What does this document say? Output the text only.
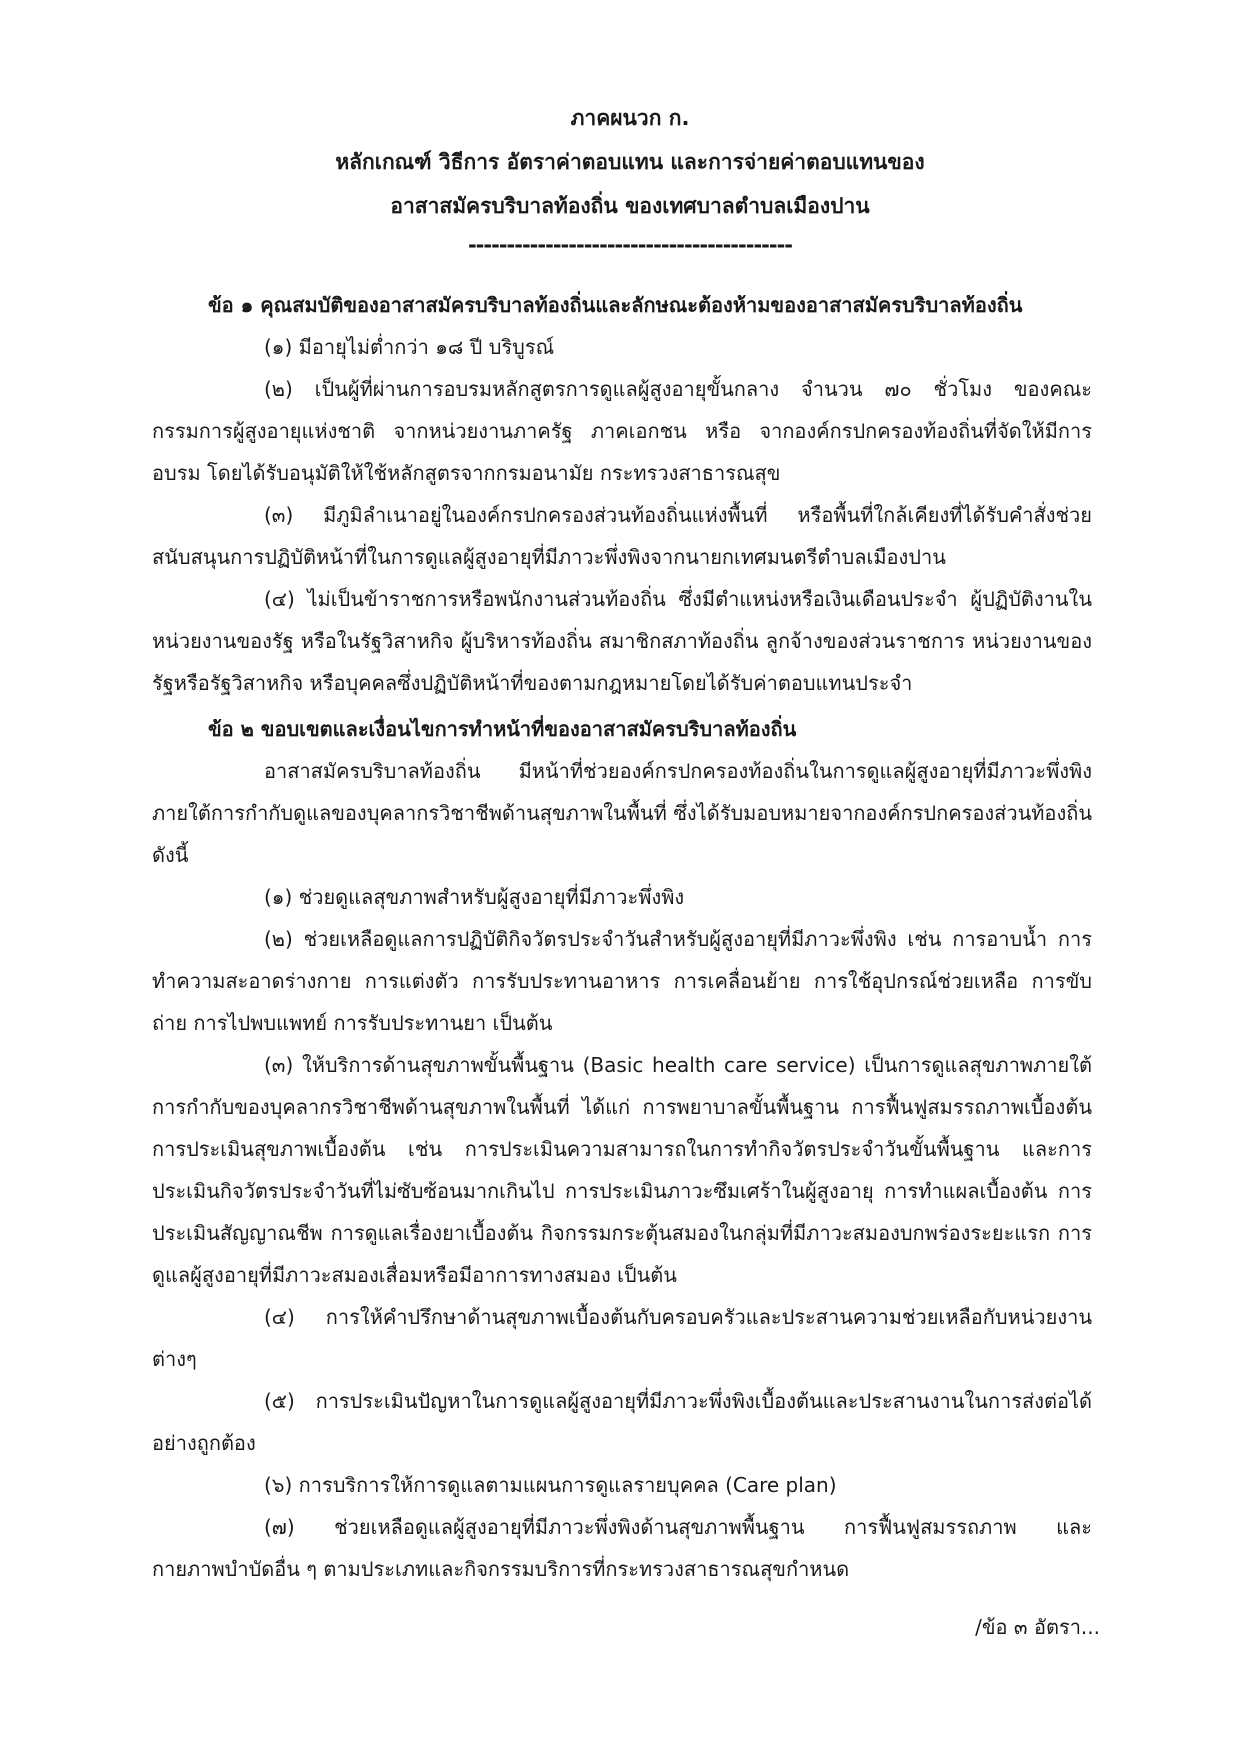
ภาคผนวก ก.
หลักเกณฑ์ วิธีการ อัตราค่าตอบแทน และการจ่ายค่าตอบแทนของ
อาสาสมัครบริบาลท้องถิ่น ของเทศบาลตำบลเมืองปาน
------------------------------------------
ข้อ ๑ คุณสมบัติของอาสาสมัครบริบาลท้องถิ่นและลักษณะต้องห้ามของอาสาสมัครบริบาลท้องถิ่น

(๑) มีอายุไม่ต่ำกว่า ๑๘ ปี บริบูรณ์

(๒) เป็นผู้ที่ผ่านการอบรมหลักสูตรการดูแลผู้สูงอายุขั้นกลาง จำนวน ๗๐ ชั่วโมง ของคณะกรรมการผู้สูงอายุแห่งชาติ จากหน่วยงานภาครัฐ ภาคเอกชน หรือ จากองค์กรปกครองท้องถิ่นที่จัดให้มีการอบรม โดยได้รับอนุมัติให้ใช้หลักสูตรจากกรมอนามัย กระทรวงสาธารณสุข

(๓) มีภูมิลำเนาอยู่ในองค์กรปกครองส่วนท้องถิ่นแห่งพื้นที่ หรือพื้นที่ใกล้เคียงที่ได้รับคำสั่งช่วยสนับสนุนการปฏิบัติหน้าที่ในการดูแลผู้สูงอายุที่มีภาวะพึ่งพิงจากนายกเทศมนตรีตำบลเมืองปาน

(๔) ไม่เป็นข้าราชการหรือพนักงานส่วนท้องถิ่น ซึ่งมีตำแหน่งหรือเงินเดือนประจำ ผู้ปฏิบัติงานในหน่วยงานของรัฐ หรือในรัฐวิสาหกิจ ผู้บริหารท้องถิ่น สมาชิกสภาท้องถิ่น ลูกจ้างของส่วนราชการ หน่วยงานของรัฐหรือรัฐวิสาหกิจ หรือบุคคลซึ่งปฏิบัติหน้าที่ของตามกฎหมายโดยได้รับค่าตอบแทนประจำ

ข้อ ๒ ขอบเขตและเงื่อนไขการทำหน้าที่ของอาสาสมัครบริบาลท้องถิ่น

อาสาสมัครบริบาลท้องถิ่น มีหน้าที่ช่วยองค์กรปกครองท้องถิ่นในการดูแลผู้สูงอายุที่มีภาวะพึ่งพิง ภายใต้การกำกับดูแลของบุคลากรวิชาชีพด้านสุขภาพในพื้นที่ ซึ่งได้รับมอบหมายจากองค์กรปกครองส่วนท้องถิ่น ดังนี้

(๑) ช่วยดูแลสุขภาพสำหรับผู้สูงอายุที่มีภาวะพึ่งพิง

(๒) ช่วยเหลือดูแลการปฏิบัติกิจวัตรประจำวันสำหรับผู้สูงอายุที่มีภาวะพึ่งพิง เช่น การอาบน้ำ การทำความสะอาดร่างกาย การแต่งตัว การรับประทานอาหาร การเคลื่อนย้าย การใช้อุปกรณ์ช่วยเหลือ การขับถ่าย การไปพบแพทย์ การรับประทานยา เป็นต้น

(๓) ให้บริการด้านสุขภาพขั้นพื้นฐาน (Basic health care service) เป็นการดูแลสุขภาพภายใต้การกำกับของบุคลากรวิชาชีพด้านสุขภาพในพื้นที่ ได้แก่ การพยาบาลขั้นพื้นฐาน การฟื้นฟูสมรรถภาพเบื้องต้น การประเมินสุขภาพเบื้องต้น เช่น การประเมินความสามารถในการทำกิจวัตรประจำวันขั้นพื้นฐาน และการประเมินกิจวัตรประจำวันที่ไม่ซับซ้อนมากเกินไป การประเมินภาวะซึมเศร้าในผู้สูงอายุ การทำแผลเบื้องต้น การประเมินสัญญาณชีพ การดูแลเรื่องยาเบื้องต้น กิจกรรมกระตุ้นสมองในกลุ่มที่มีภาวะสมองบกพร่องระยะแรก การดูแลผู้สูงอายุที่มีภาวะสมองเสื่อมหรือมีอาการทางสมอง เป็นต้น

(๔) การให้คำปรึกษาด้านสุขภาพเบื้องต้นกับครอบครัวและประสานความช่วยเหลือกับหน่วยงานต่างๆ

(๕) การประเมินปัญหาในการดูแลผู้สูงอายุที่มีภาวะพึ่งพิงเบื้องต้นและประสานงานในการส่งต่อได้อย่างถูกต้อง

(๖) การบริการให้การดูแลตามแผนการดูแลรายบุคคล (Care plan)

(๗) ช่วยเหลือดูแลผู้สูงอายุที่มีภาวะพึ่งพิงด้านสุขภาพพื้นฐาน การฟื้นฟูสมรรถภาพ และกายภาพบำบัดอื่น ๆ ตามประเภทและกิจกรรมบริการที่กระทรวงสาธารณสุขกำหนด

/ข้อ ๓ อัตรา...
